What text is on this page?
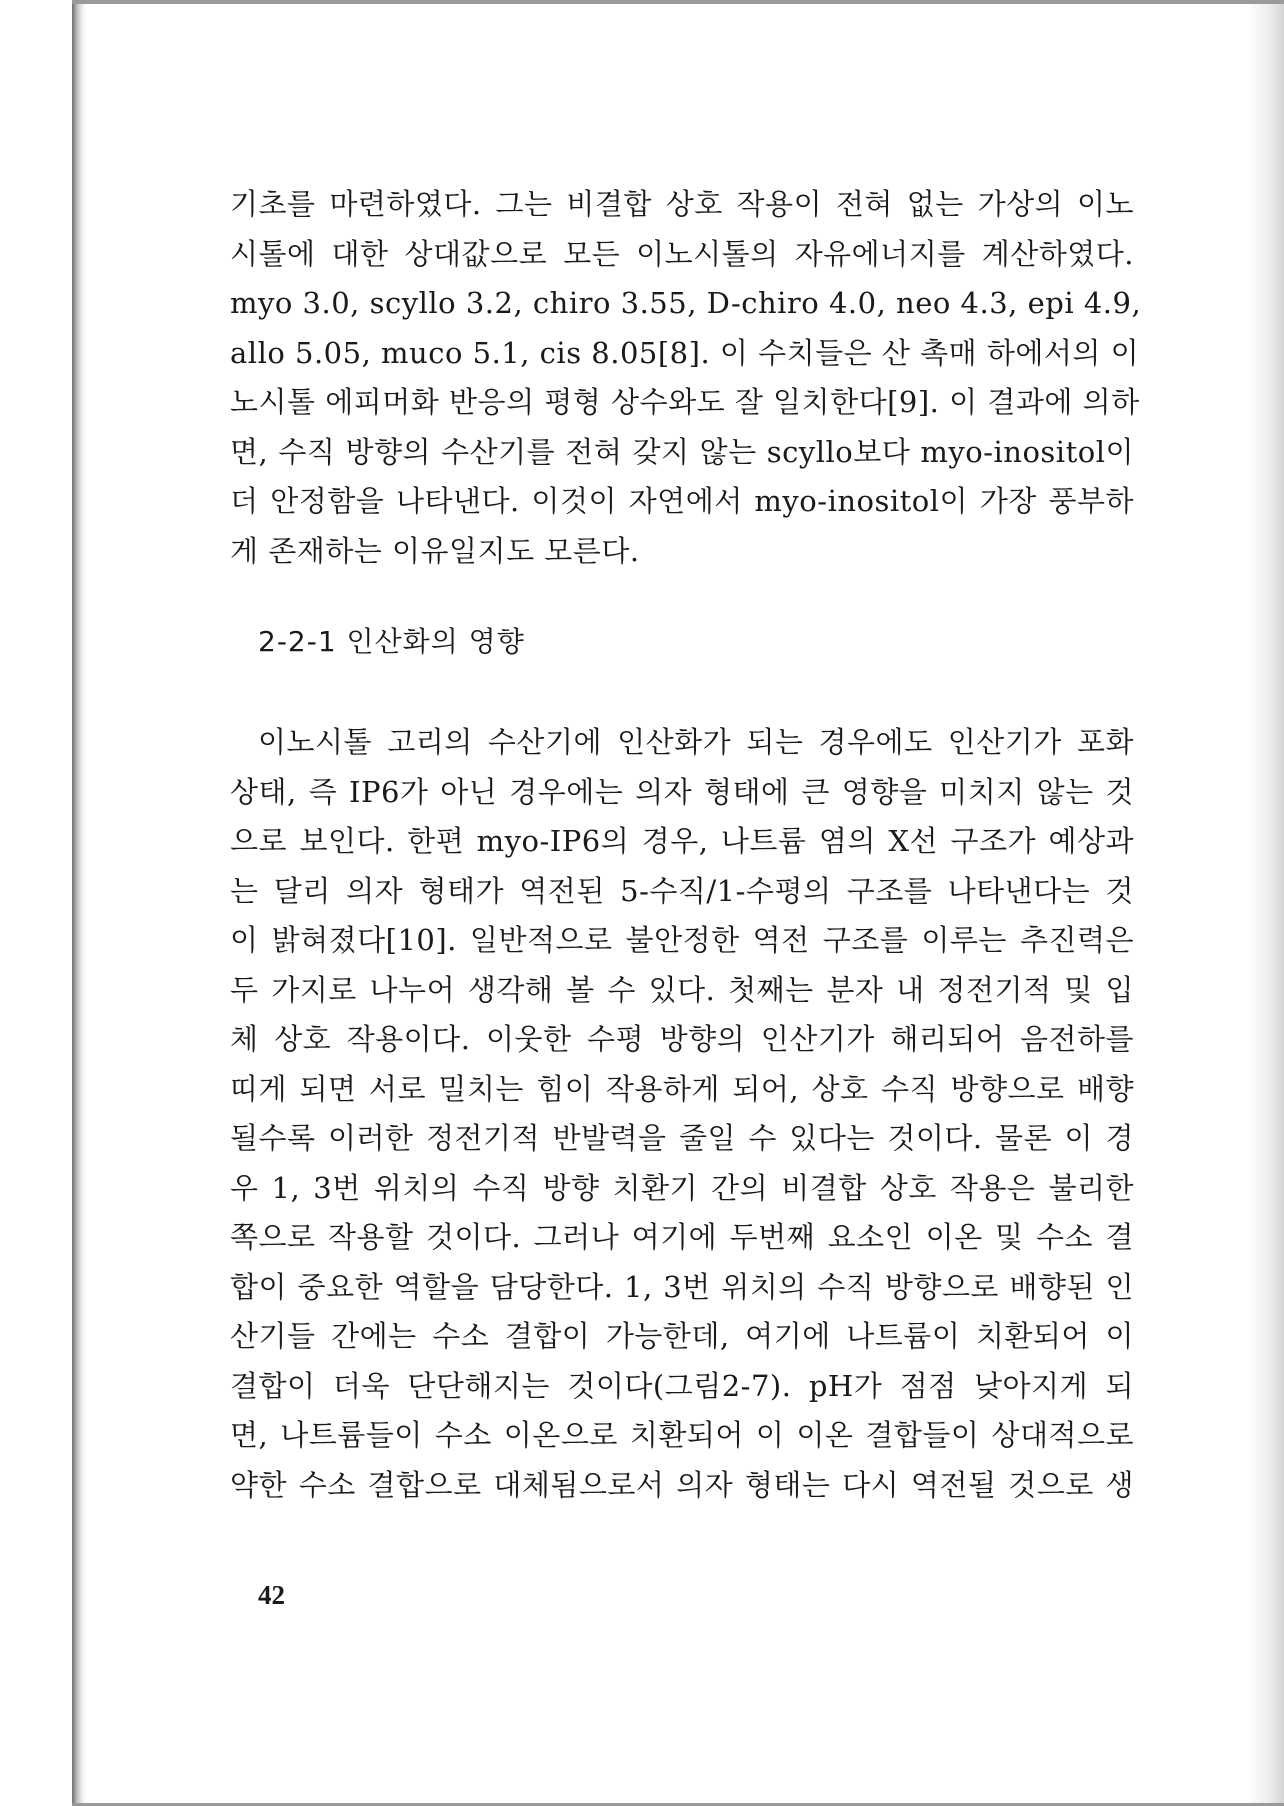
기초를 마련하였다. 그는 비결합 상호 작용이 전혀 없는 가상의 이노
시톨에 대한 상대값으로 모든 이노시톨의 자유에너지를 계산하였다.
myo 3.0, scyllo 3.2, chiro 3.55, D-chiro 4.0, neo 4.3, epi 4.9,
allo 5.05, muco 5.1, cis 8.05[8]. 이 수치들은 산 촉매 하에서의 이
노시톨 에피머화 반응의 평형 상수와도 잘 일치한다[9]. 이 결과에 의하
면, 수직 방향의 수산기를 전혀 갖지 않는 scyllo보다 myo-inositol이
더 안정함을 나타낸다. 이것이 자연에서 myo-inositol이 가장 풍부하
게 존재하는 이유일지도 모른다.
2-2-1 인산화의 영향
이노시톨 고리의 수산기에 인산화가 되는 경우에도 인산기가 포화
상태, 즉 IP6가 아닌 경우에는 의자 형태에 큰 영향을 미치지 않는 것
으로 보인다. 한편 myo-IP6의 경우, 나트륨 염의 X선 구조가 예상과
는 달리 의자 형태가 역전된 5-수직/1-수평의 구조를 나타낸다는 것
이 밝혀졌다[10]. 일반적으로 불안정한 역전 구조를 이루는 추진력은
두 가지로 나누어 생각해 볼 수 있다. 첫째는 분자 내 정전기적 및 입
체 상호 작용이다. 이웃한 수평 방향의 인산기가 해리되어 음전하를
띠게 되면 서로 밀치는 힘이 작용하게 되어, 상호 수직 방향으로 배향
될수록 이러한 정전기적 반발력을 줄일 수 있다는 것이다. 물론 이 경
우 1, 3번 위치의 수직 방향 치환기 간의 비결합 상호 작용은 불리한
쪽으로 작용할 것이다. 그러나 여기에 두번째 요소인 이온 및 수소 결
합이 중요한 역할을 담당한다. 1, 3번 위치의 수직 방향으로 배향된 인
산기들 간에는 수소 결합이 가능한데, 여기에 나트륨이 치환되어 이
결합이 더욱 단단해지는 것이다(그림2-7). pH가 점점 낮아지게 되
면, 나트륨들이 수소 이온으로 치환되어 이 이온 결합들이 상대적으로
약한 수소 결합으로 대체됨으로서 의자 형태는 다시 역전될 것으로 생
42
